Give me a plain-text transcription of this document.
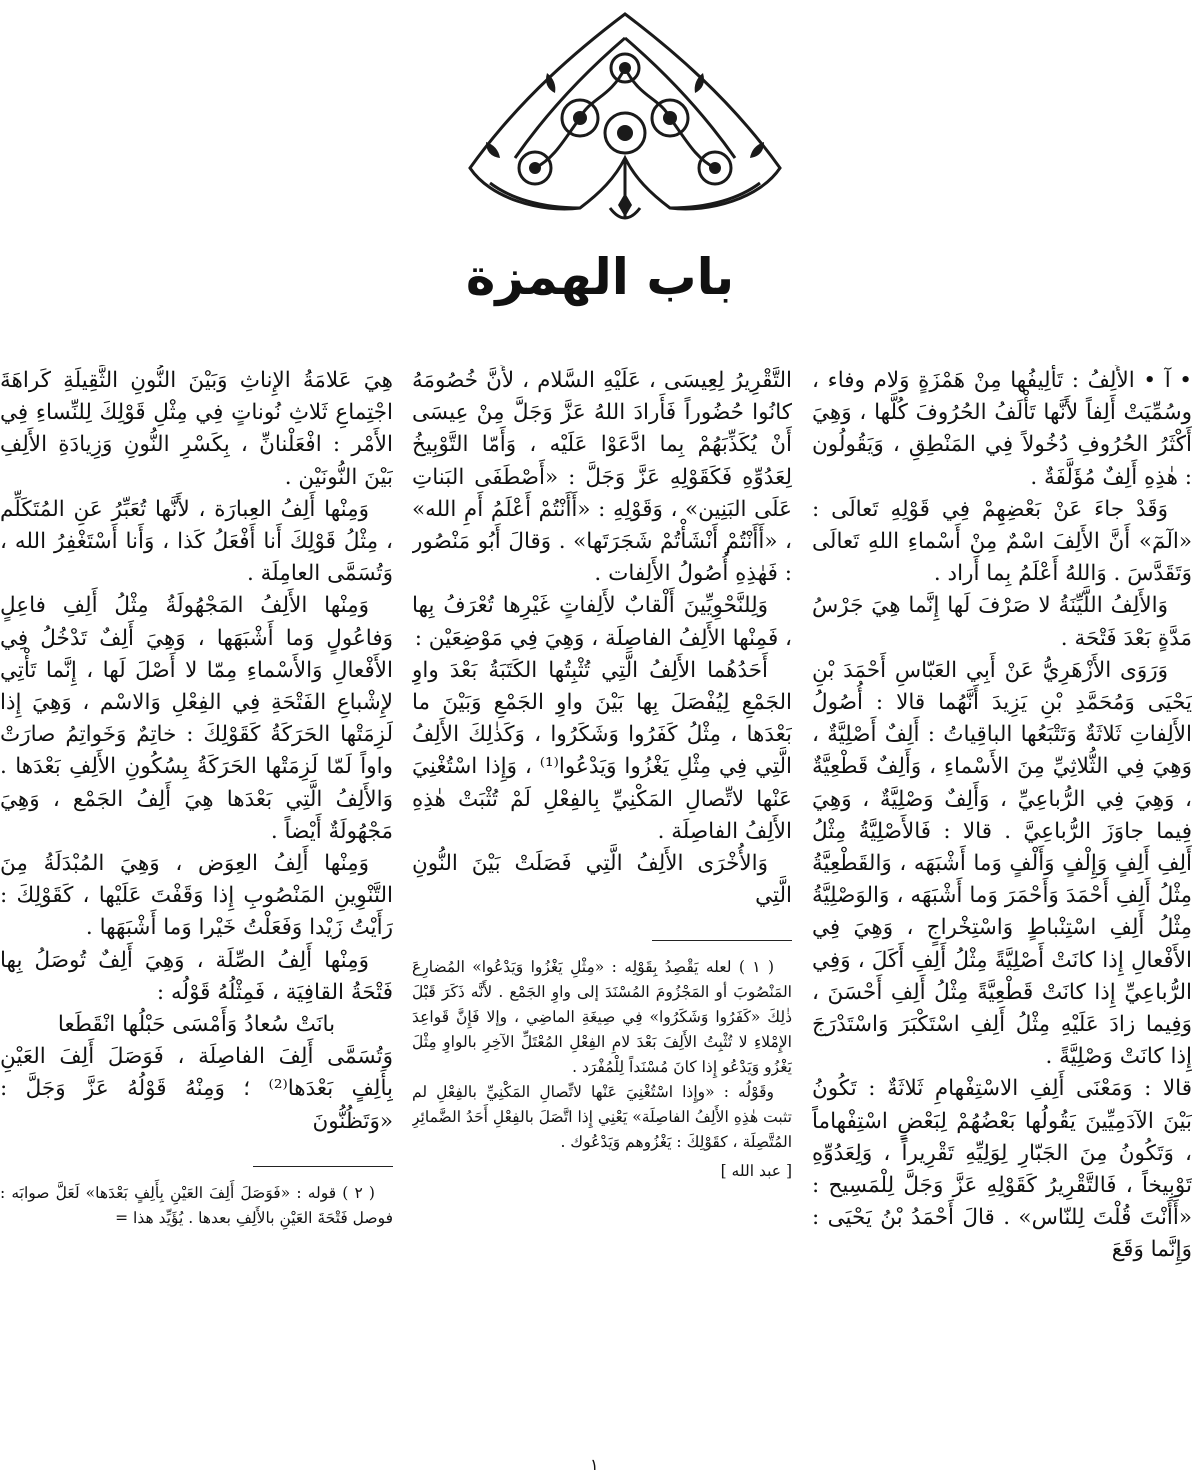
باب الهمزة

• آ • الأَلِفُ : تَأْلِيفُها مِنْ هَمْزَةٍ وَلام وفاء ، وسُمِّيَتْ أَلِفاً لأَنَّها تَأْلَفُ الحُرُوفَ كُلَّها ، وَهِيَ أَكْثَرُ الحُرُوفِ دُخُولاً فِي المَنْطِقِ ، وَيَقُولُون : هٰذِهِ أَلِفٌ مُؤَلَّفَةٌ .

وَقَدْ جاءَ عَنْ بَعْضِهِمْ فِي قَوْلِهِ تَعالَى : «الٓمٓ» أَنَّ الأَلِفَ اسْمٌ مِنْ أَسْماءِ اللهِ تَعالَى وَتَقَدَّسَ . وَاللهُ أَعْلَمُ بِما أَراد .

وَالأَلِفُ اللَّيِّنَةُ لا صَرْفَ لَها إِنَّما هِيَ جَرْسُ مَدَّةٍ بَعْدَ فَتْحَة .

وَرَوَى الأَزْهَرِيُّ عَنْ أَبِي العَبّاسِ أَحْمَدَ بْنِ يَحْيَى وَمُحَمَّدِ بْنِ يَزِيدَ أَنَّهُما قالا : أُصُولُ الأَلِفاتِ ثَلاثَةٌ وَتَتْبَعُها الباقِياتُ : أَلِفٌ أَصْلِيَّةٌ ، وَهِيَ فِي الثُّلاثِيِّ مِنَ الأَسْماءِ ، وَأَلِفٌ قَطْعِيَّةٌ ، وَهِيَ فِي الرُّباعِيِّ ، وَأَلِفٌ وَصْلِيَّةٌ ، وَهِيَ فِيما جاوَزَ الرُّباعِيَّ . قالا : فَالأَصْلِيَّةُ مِثْلُ أَلِفِ أَلِفٍ وَإِلْفٍ وَأَلْفٍ وَما أَشْبَهَه ، وَالقَطْعِيَّةُ مِثْلُ أَلِفِ أَحْمَدَ وَأَحْمَرَ وَما أَشْبَهَه ، وَالوَصْلِيَّةُ مِثْلُ أَلِفِ اسْتِنْباطٍ وَاسْتِخْراجٍ ، وَهِيَ فِي الأَفْعالِ إِذا كانَتْ أَصْلِيَّةً مِثْلُ أَلِفِ أَكَلَ ، وَفِي الرُّباعِيِّ إِذا كانَتْ قَطْعِيَّةً مِثْلُ أَلِفِ أَحْسَنَ ، وَفِيما زادَ عَلَيْهِ مِثْلُ أَلِفِ اسْتَكْبَرَ وَاسْتَدْرَجَ إِذا كانَتْ وَصْلِيَّةً .

قالا : وَمَعْنَى أَلِفِ الاسْتِفْهامِ ثَلاثَةٌ : تَكُونُ بَيْنَ الآدَمِيِّينَ يَقُولُها بَعْضُهُمْ لِبَعْضٍ اسْتِفْهاماً ، وَتَكُونُ مِنَ الجَبّارِ لِوَلِيِّهِ تَقْرِيراً ، وَلِعَدُوِّهِ تَوْبِيخاً ، فَالتَّقْرِيرُ كَقَوْلِهِ عَزَّ وَجَلَّ لِلْمَسِيح : «أَأَنْتَ قُلْتَ لِلنّاس» . قالَ أَحْمَدُ بْنُ يَحْيَى : وَإِنَّما وَقَعَ

التَّقْرِيرُ لِعِيسَى ، عَلَيْهِ السَّلام ، لأَنَّ خُصُومَهُ كانُوا حُضُوراً فَأَرادَ اللهُ عَزَّ وَجَلَّ مِنْ عِيسَى أَنْ يُكَذِّبَهُمْ بِما ادَّعَوْا عَلَيْه ، وَأَمّا التَّوْبِيخُ لِعَدُوِّهِ فَكَقَوْلِهِ عَزَّ وَجَلَّ : «أَصْطَفَى البَناتِ عَلَى البَنِين» ، وَقَوْلِهِ : «أَأَنْتُمْ أَعْلَمُ أَمِ الله» ، «أَأَنْتُمْ أَنْشَأْتُمْ شَجَرَتَها» . وَقالَ أَبُو مَنْصُور : فَهٰذِهِ أُصُولُ الأَلِفات .

وَلِلنَّحْوِيِّينَ أَلْقابٌ لأَلِفاتٍ غَيْرِها تُعْرَفُ بِها ، فَمِنْها الأَلِفُ الفاصِلَة ، وَهِيَ فِي مَوْضِعَيْن :

أَحَدُهُما الأَلِفُ الَّتِي تُثْبِتُها الكَتَبَةُ بَعْدَ واوِ الجَمْعِ لِيُفْصَلَ بِها بَيْنَ واوِ الجَمْعِ وَبَيْنَ ما بَعْدَها ، مِثْلُ كَفَرُوا وَشَكَرُوا ، وَكَذٰلِكَ الأَلِفُ الَّتِي فِي مِثْلِ يَغْزُوا وَيَدْعُوا⁽¹⁾ ، وَإِذا اسْتُغْنِيَ عَنْها لاتِّصالِ المَكْنِيِّ بِالفِعْلِ لَمْ تُثْبَتْ هٰذِهِ الأَلِفُ الفاصِلَة .

وَالأُخْرَى الأَلِفُ الَّتِي فَصَلَتْ بَيْنَ النُّونِ الَّتِي

( ١ ) لعله يَقْصِدُ بِقَوْلِه : «مِثْلِ يَغْزُوا وَيَدْعُوا» المُضارِعَ المَنْصُوبَ أو المَجْزُومَ المُسْنَدَ إلى واوِ الجَمْع . لأَنَّه ذَكَرَ قَبْلَ ذٰلِكَ «كَفَرُوا وَشَكَرُوا» فِي صِيغَةِ الماضِي ، وإلا فَإِنَّ قَواعِدَ الإِمْلاءِ لا تُثْبِتُ الأَلِفَ بَعْدَ لامِ الفِعْلِ المُعْتَلِّ الآخِرِ بالواوِ مِثْلَ يَغْزُو وَيَدْعُو إِذا كانَ مُسْنَداً لِلْمُفْرَد .

وقَوْلُه : «وإِذا اسْتُغْنِيَ عَنْها لاتِّصالِ المَكْنِيِّ بالفِعْلِ لم تثبت هٰذِهِ الأَلِفُ الفاصِلَة» يَعْنِي إِذا اتَّصَلَ بالفِعْلِ أَحَدُ الضَّمائِرِ المُتَّصِلَة ، كقَوْلِكَ : يَغْزُوهم وَيَدْعُوك .

[ عبد الله ]

هِيَ عَلامَةُ الإِناثِ وَبَيْنَ النُّونِ الثَّقِيلَةِ كَراهَةَ اجْتِماعِ ثَلاثِ نُوناتٍ فِي مِثْلِ قَوْلِكَ لِلنِّساءِ فِي الأَمْر : افْعَلْنانِّ ، بِكَسْرِ النُّونِ وَزِيادَةِ الأَلِفِ بَيْنَ النُّونَيْن .

وَمِنْها أَلِفُ العِبارَة ، لأَنَّها تُعَبِّرُ عَنِ المُتَكَلِّم ، مِثْلُ قَوْلِكَ أَنا أَفْعَلُ كَذا ، وَأَنا أَسْتَغْفِرُ الله ، وَتُسَمَّى العامِلَة .

وَمِنْها الأَلِفُ المَجْهُولَةُ مِثْلُ أَلِفِ فاعِلٍ وَفاعُولٍ وَما أَشْبَهَها ، وَهِيَ أَلِفٌ تَدْخُلُ فِي الأَفْعالِ وَالأَسْماءِ مِمّا لا أَصْلَ لَها ، إِنَّما تَأْتِي لإِشْباعِ الفَتْحَةِ فِي الفِعْلِ وَالاسْم ، وَهِيَ إِذا لَزِمَتْها الحَرَكَةُ كَقَوْلِكَ : خاتِمٌ وَخَواتِمُ صارَتْ واواً لَمّا لَزِمَتْها الحَرَكَةُ بِسُكُونِ الأَلِفِ بَعْدَها . وَالأَلِفُ الَّتِي بَعْدَها هِيَ أَلِفُ الجَمْع ، وَهِيَ مَجْهُولَةٌ أَيْضاً .

وَمِنْها أَلِفُ العِوَض ، وَهِيَ المُبْدَلَةُ مِنَ التَّنْوِينِ المَنْصُوبِ إِذا وَقَفْتَ عَلَيْها ، كَقَوْلِكَ : رَأَيْتُ زَيْدا وَفَعَلْتُ خَيْرا وَما أَشْبَهَها .

وَمِنْها أَلِفُ الصِّلَة ، وَهِيَ أَلِفٌ تُوصَلُ بِها فَتْحَةُ القافِيَة ، فَمِثْلُهُ قَوْلُه :

بانَتْ سُعادُ وَأَمْسَى حَبْلُها انْقَطَعا

وَتُسَمَّى أَلِفَ الفاصِلَة ، فَوَصَلَ أَلِفَ العَيْنِ بِأَلِفٍ بَعْدَها⁽²⁾ ؛ وَمِنْهُ قَوْلُهُ عَزَّ وَجَلَّ : «وَتَظُنُّونَ

( ٢ ) قوله : «فَوَصَلَ أَلِفَ العَيْنِ بِأَلِفٍ بَعْدَها» لَعَلَّ صوابَه : فوصل فَتْحَةَ العَيْنِ بالأَلِفِ بعدها . يُؤَيِّد هذا =

١
